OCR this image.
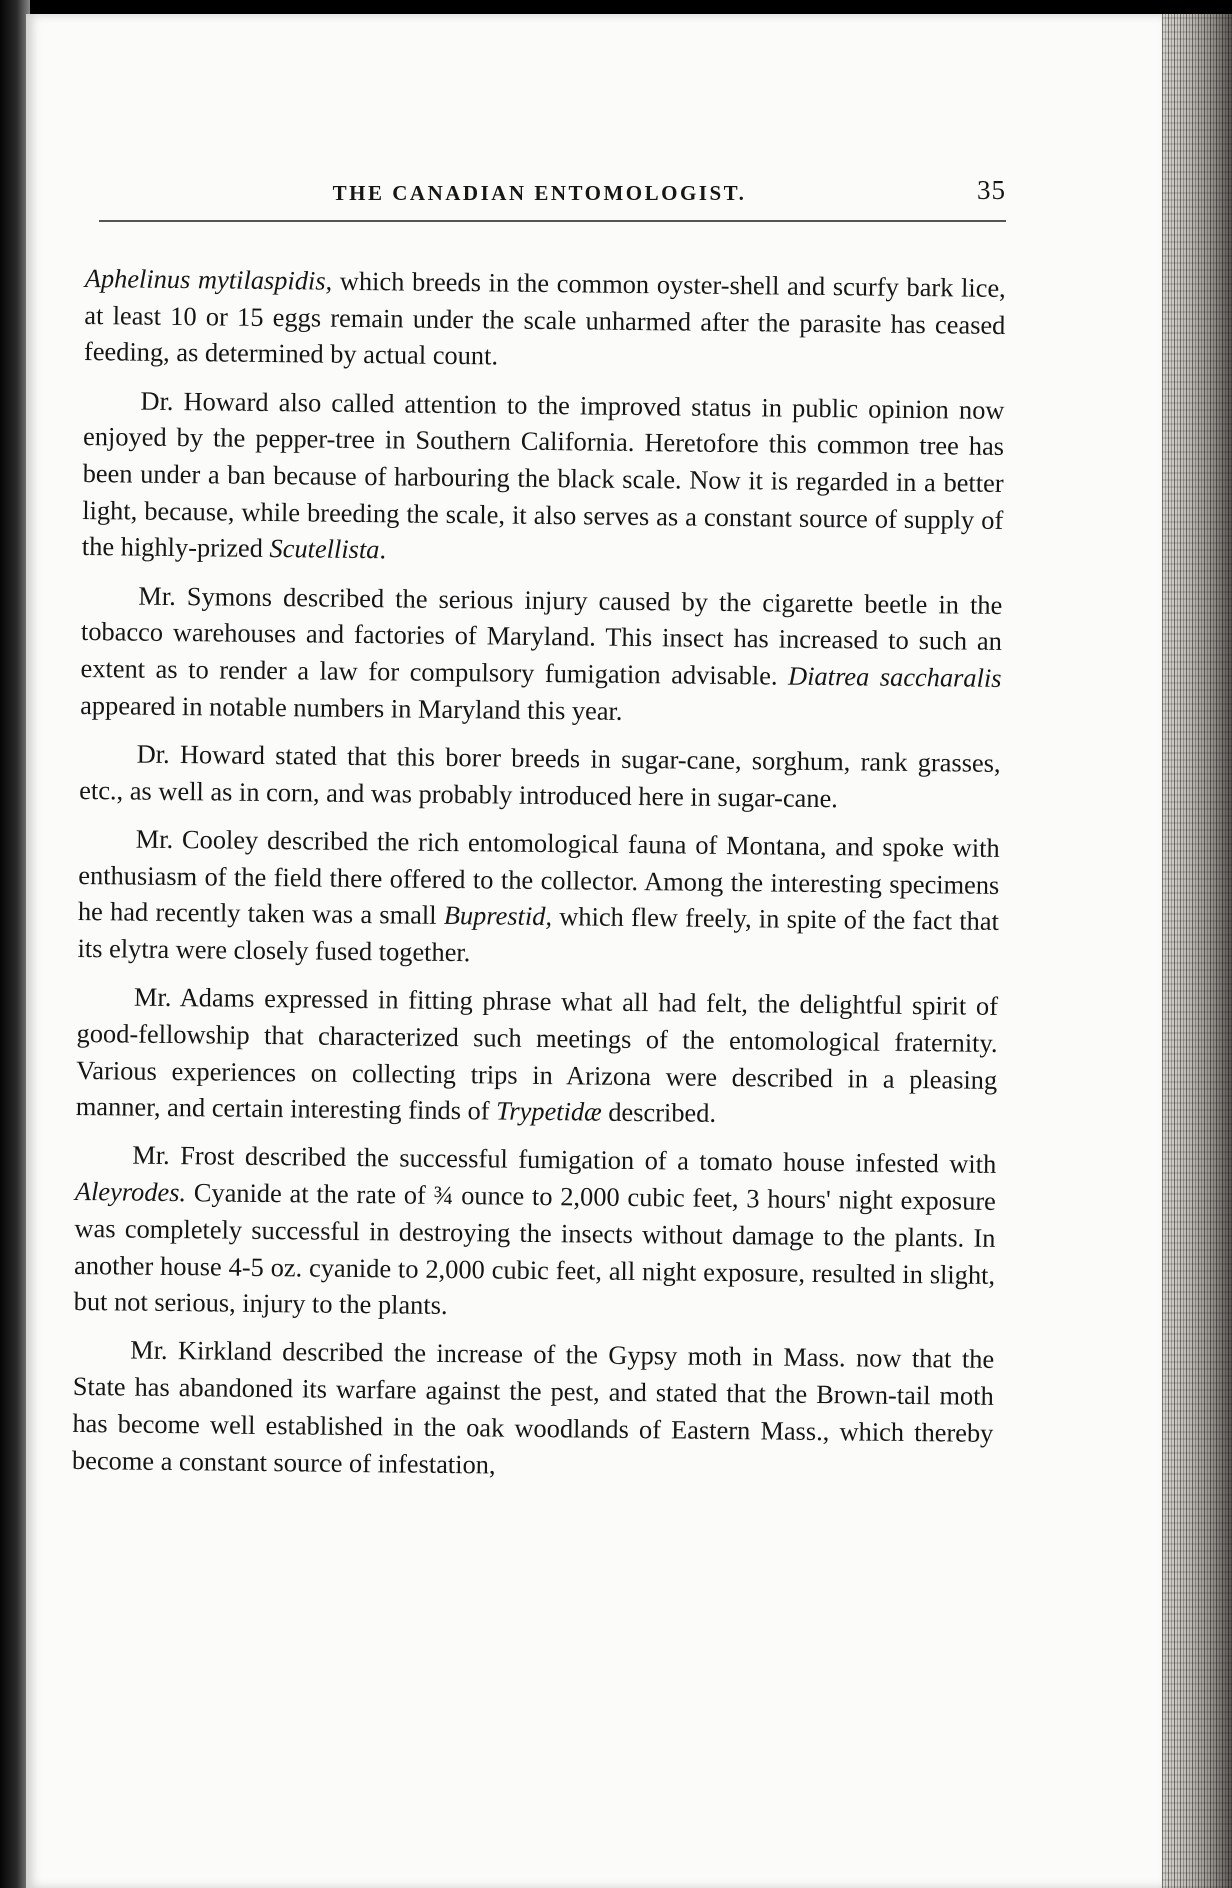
THE CANADIAN ENTOMOLOGIST.	35

Aphelinus mytilaspidis, which breeds in the common oyster-shell and scurfy bark lice, at least 10 or 15 eggs remain under the scale unharmed after the parasite has ceased feeding, as determined by actual count.

Dr. Howard also called attention to the improved status in public opinion now enjoyed by the pepper-tree in Southern California. Heretofore this common tree has been under a ban because of harbouring the black scale. Now it is regarded in a better light, because, while breeding the scale, it also serves as a constant source of supply of the highly-prized Scutellista.

Mr. Symons described the serious injury caused by the cigarette beetle in the tobacco warehouses and factories of Maryland. This insect has increased to such an extent as to render a law for compulsory fumigation advisable. Diatrea saccharalis appeared in notable numbers in Maryland this year.

Dr. Howard stated that this borer breeds in sugar-cane, sorghum, rank grasses, etc., as well as in corn, and was probably introduced here in sugar-cane.

Mr. Cooley described the rich entomological fauna of Montana, and spoke with enthusiasm of the field there offered to the collector. Among the interesting specimens he had recently taken was a small Buprestid, which flew freely, in spite of the fact that its elytra were closely fused together.

Mr. Adams expressed in fitting phrase what all had felt, the delightful spirit of good-fellowship that characterized such meetings of the entomological fraternity. Various experiences on collecting trips in Arizona were described in a pleasing manner, and certain interesting finds of Trypetidæ described.

Mr. Frost described the successful fumigation of a tomato house infested with Aleyrodes. Cyanide at the rate of ¾ ounce to 2,000 cubic feet, 3 hours' night exposure was completely successful in destroying the insects without damage to the plants. In another house 4-5 oz. cyanide to 2,000 cubic feet, all night exposure, resulted in slight, but not serious, injury to the plants.

Mr. Kirkland described the increase of the Gypsy moth in Mass. now that the State has abandoned its warfare against the pest, and stated that the Brown-tail moth has become well established in the oak woodlands of Eastern Mass., which thereby become a constant source of infestation,
